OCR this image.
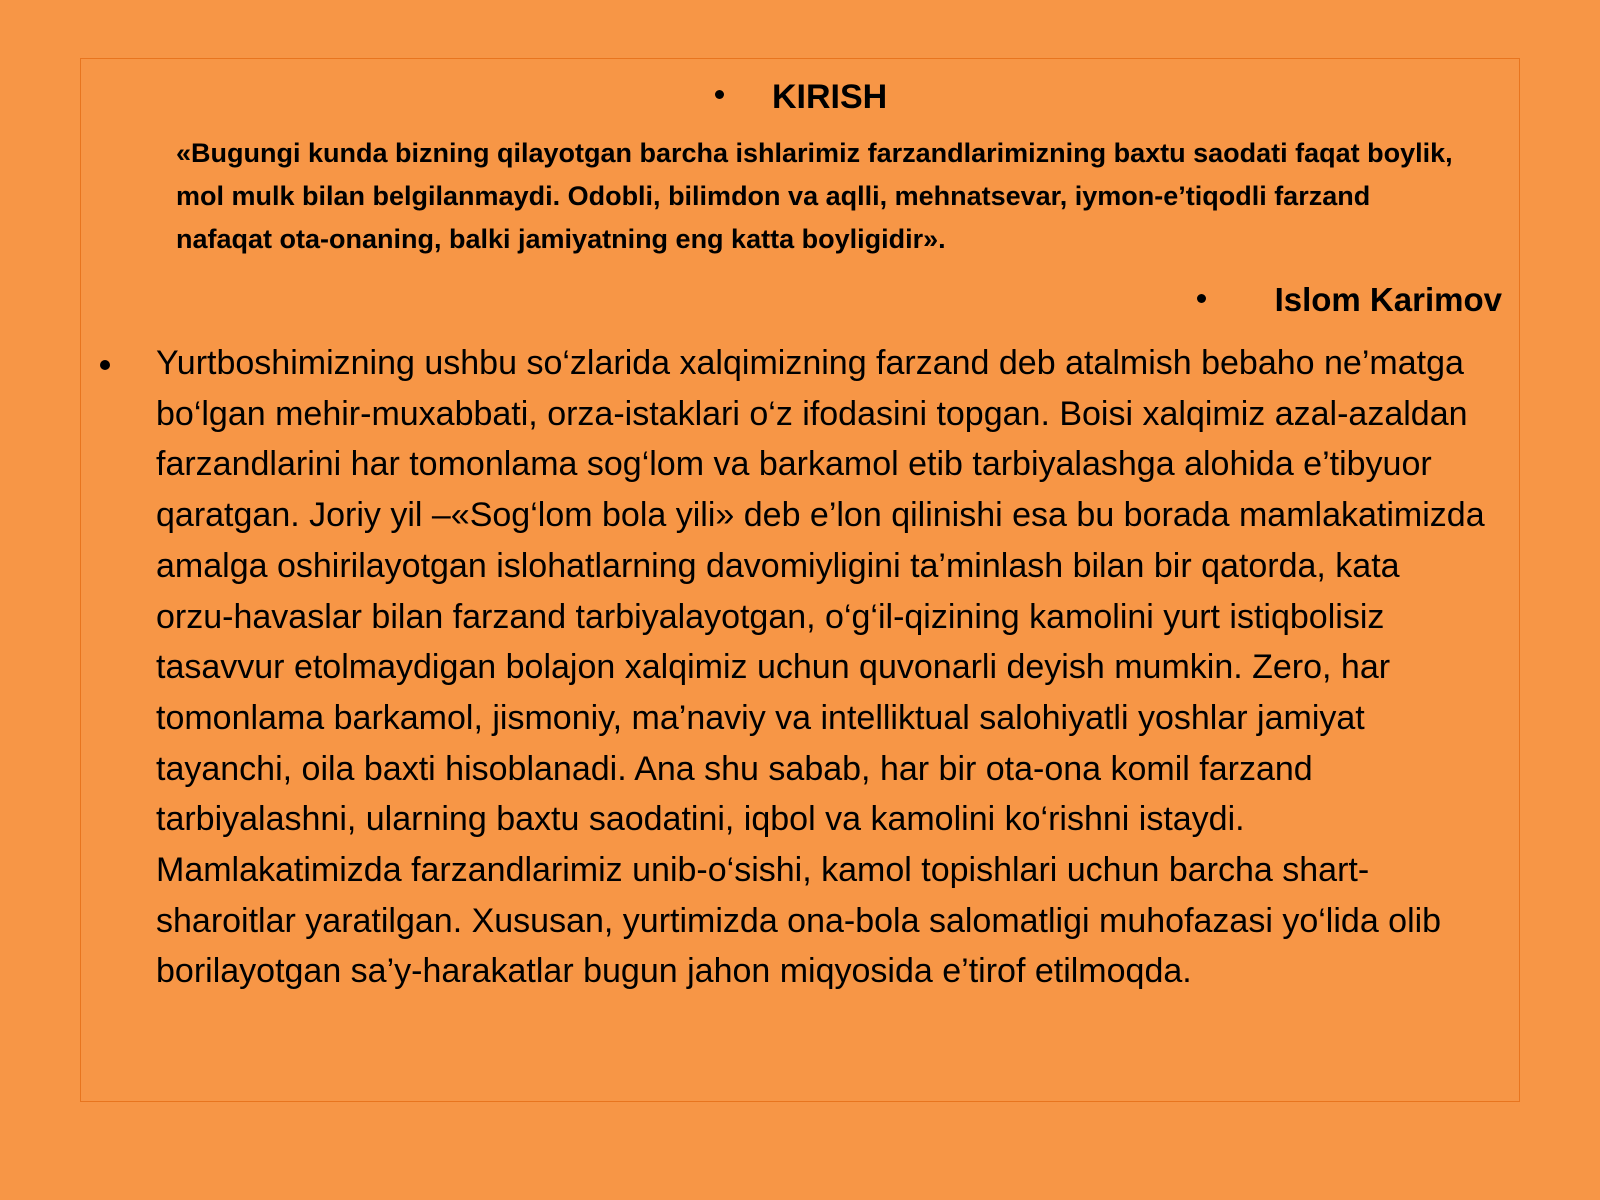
KIRISH

«Bugungi kunda bizning qilayotgan barcha ishlarimiz farzandlarimizning baxtu saodati faqat boylik, mol mulk bilan belgilanmaydi. Odobli, bilimdon va aqlli, mehnatsevar, iymon-e’tiqodli farzand nafaqat ota-onaning, balki jamiyatning eng katta boyligidir».

Islom Karimov

Yurtboshimizning ushbu so‘zlarida xalqimizning farzand deb atalmish bebaho ne’matga bo‘lgan mehir-muxabbati, orza-istaklari o‘z ifodasini topgan. Boisi xalqimiz azal-azaldan farzandlarini har tomonlama sog‘lom va barkamol etib tarbiyalashga alohida e’tibyuor qaratgan. Joriy yil –«Sog‘lom bola yili» deb e’lon qilinishi esa bu borada mamlakatimizda amalga oshirilayotgan islohatlarning davomiyligini ta’minlash bilan bir qatorda, kata orzu-havaslar bilan farzand tarbiyalayotgan, o‘g‘il-qizining kamolini yurt istiqbolisiz tasavvur etolmaydigan bolajon xalqimiz uchun quvonarli deyish mumkin. Zero, har tomonlama barkamol, jismoniy, ma’naviy va intelliktual salohiyatli yoshlar jamiyat tayanchi, oila baxti hisoblanadi. Ana shu sabab, har bir ota-ona komil farzand tarbiyalashni, ularning baxtu saodatini, iqbol va kamolini ko‘rishni istaydi. Mamlakatimizda farzandlarimiz unib-o‘sishi, kamol topishlari uchun barcha shart-sharoitlar yaratilgan. Xususan, yurtimizda ona-bola salomatligi muhofazasi yo‘lida olib borilayotgan sa’y-harakatlar bugun jahon miqyosida e’tirof etilmoqda.
